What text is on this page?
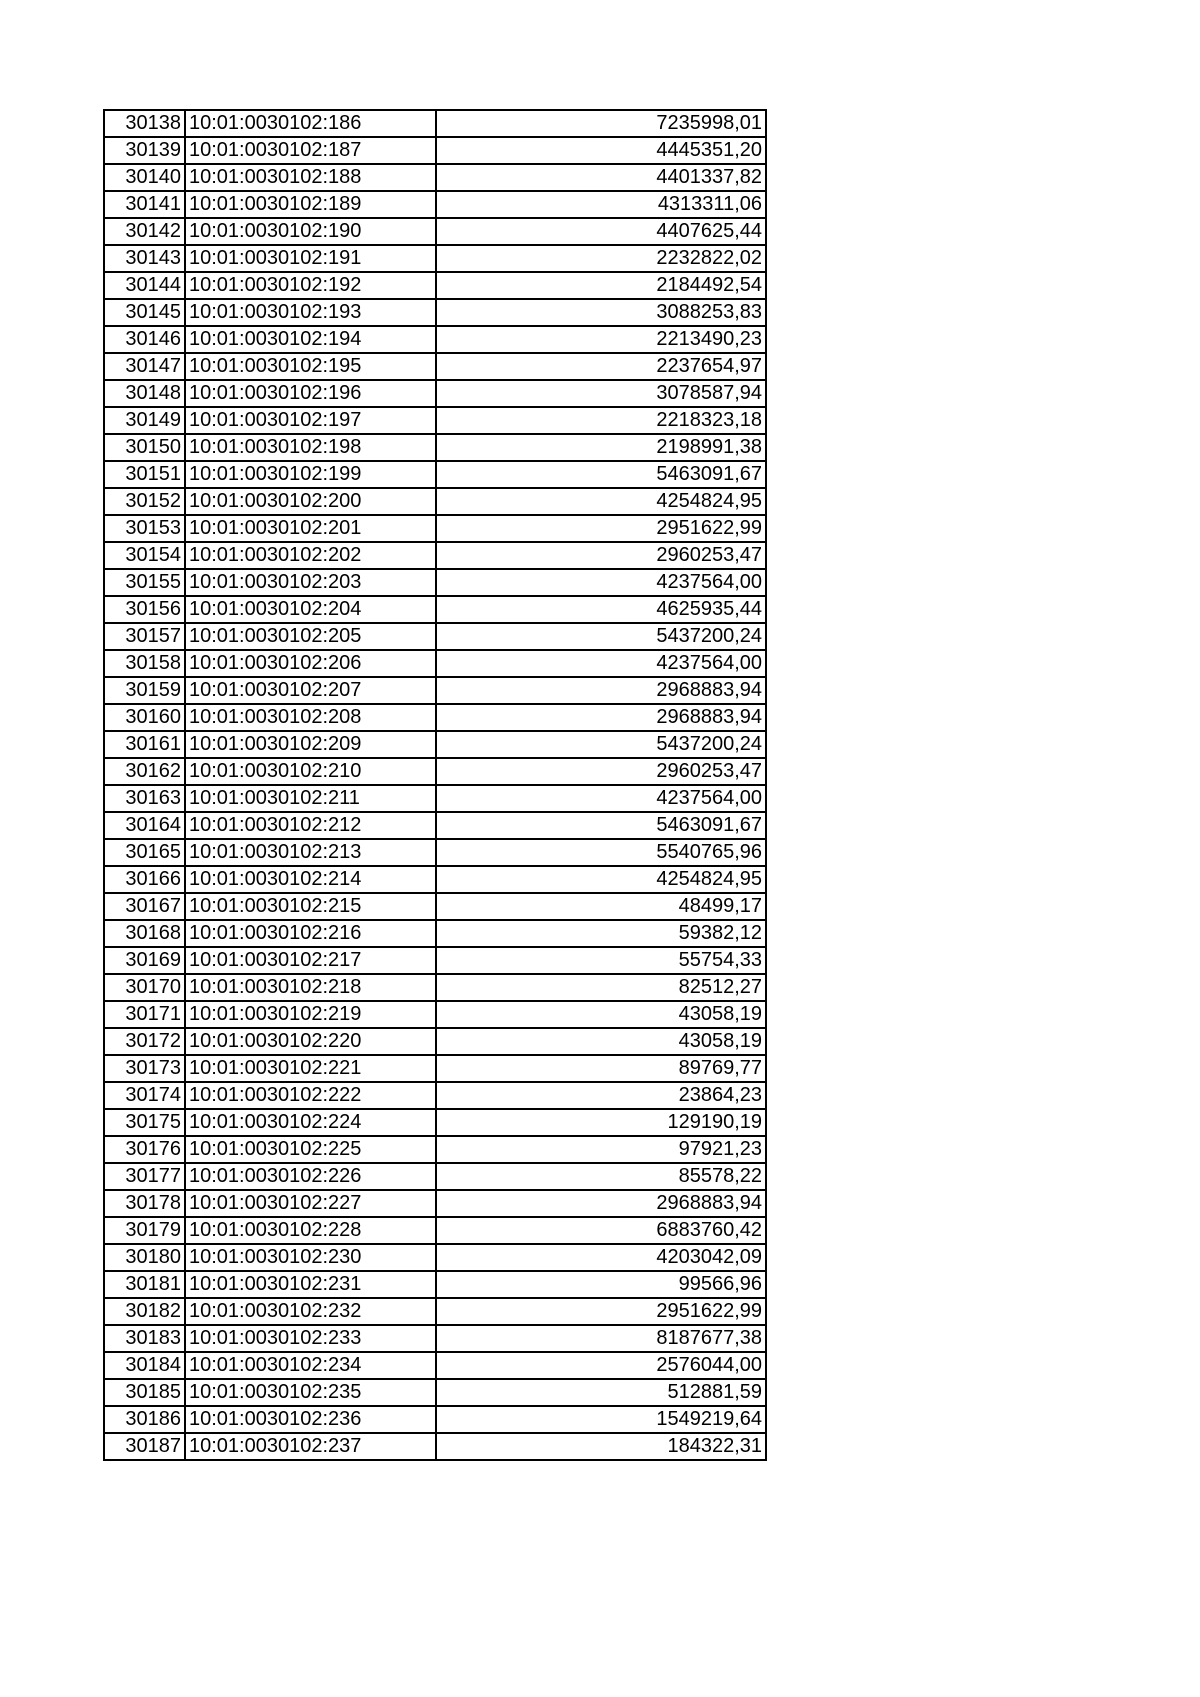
30138	10:01:0030102:186	7235998,01
30139	10:01:0030102:187	4445351,20
30140	10:01:0030102:188	4401337,82
30141	10:01:0030102:189	4313311,06
30142	10:01:0030102:190	4407625,44
30143	10:01:0030102:191	2232822,02
30144	10:01:0030102:192	2184492,54
30145	10:01:0030102:193	3088253,83
30146	10:01:0030102:194	2213490,23
30147	10:01:0030102:195	2237654,97
30148	10:01:0030102:196	3078587,94
30149	10:01:0030102:197	2218323,18
30150	10:01:0030102:198	2198991,38
30151	10:01:0030102:199	5463091,67
30152	10:01:0030102:200	4254824,95
30153	10:01:0030102:201	2951622,99
30154	10:01:0030102:202	2960253,47
30155	10:01:0030102:203	4237564,00
30156	10:01:0030102:204	4625935,44
30157	10:01:0030102:205	5437200,24
30158	10:01:0030102:206	4237564,00
30159	10:01:0030102:207	2968883,94
30160	10:01:0030102:208	2968883,94
30161	10:01:0030102:209	5437200,24
30162	10:01:0030102:210	2960253,47
30163	10:01:0030102:211	4237564,00
30164	10:01:0030102:212	5463091,67
30165	10:01:0030102:213	5540765,96
30166	10:01:0030102:214	4254824,95
30167	10:01:0030102:215	48499,17
30168	10:01:0030102:216	59382,12
30169	10:01:0030102:217	55754,33
30170	10:01:0030102:218	82512,27
30171	10:01:0030102:219	43058,19
30172	10:01:0030102:220	43058,19
30173	10:01:0030102:221	89769,77
30174	10:01:0030102:222	23864,23
30175	10:01:0030102:224	129190,19
30176	10:01:0030102:225	97921,23
30177	10:01:0030102:226	85578,22
30178	10:01:0030102:227	2968883,94
30179	10:01:0030102:228	6883760,42
30180	10:01:0030102:230	4203042,09
30181	10:01:0030102:231	99566,96
30182	10:01:0030102:232	2951622,99
30183	10:01:0030102:233	8187677,38
30184	10:01:0030102:234	2576044,00
30185	10:01:0030102:235	512881,59
30186	10:01:0030102:236	1549219,64
30187	10:01:0030102:237	184322,31
